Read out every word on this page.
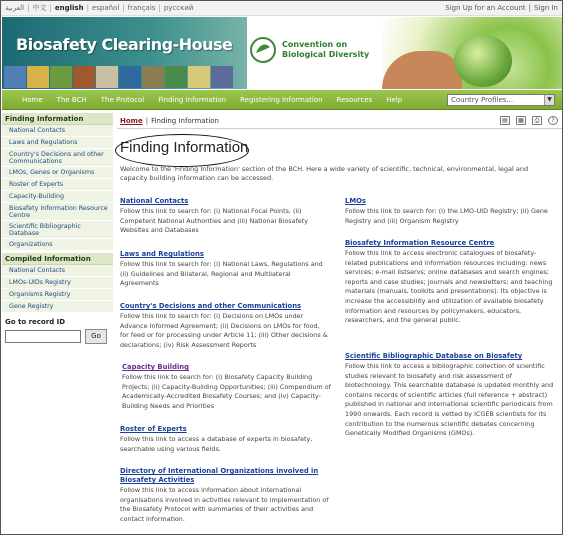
العربية | 中文 | english | español | français | русский	Sign Up for an Account | Sign In
Biosafety Clearing-House	Convention on
Biological Diversity
Home The BCH The Protocol Finding Information Registering Information Resources Help	Country Profiles...	▼
Finding Information
National Contacts
Laws and Regulations
Country's Decisions and other Communications
LMOs, Genes or Organisms
Roster of Experts
Capacity-Building
Biosafety Information Resource Centre
Scientific Bibliographic Database
Organizations
Compiled Information
National Contacts
LMOs-UIDs Registry
Organisms Registry
Gene Registry
Go to record ID
Go
Home | Finding Information	▤	▦	⎙	?
Finding Information
Welcome to the 'Finding Information' section of the BCH. Here a wide variety of scientific, technical, environmental, legal and capacity building information can be accessed.
National Contacts
Follow this link to search for: (i) National Focal Points, (ii) Competent National Authorities and (iii) National Biosafety Websites and Databases
Laws and Regulations
Follow this link to search for: (i) National Laws, Regulations and (ii) Guidelines and Bilateral, Regional and Multilateral Agreements
Country's Decisions and other Communications
Follow this link to search for: (i) Decisions on LMOs under Advance Informed Agreement; (ii) Decisions on LMOs for food, for feed or for processing under Article 11; (iii) Other decisions & declarations; (iv) Risk Assessment Reports
Capacity Building
Follow this link to search for: (i) Biosafety Capacity Building Projects; (ii) Capacity-Building Opportunities; (iii) Compendium of Academically-Accredited Biosafety Courses; and (iv) Capacity-Building Needs and Priorities
Roster of Experts
Follow this link to access a database of experts in biosafety, searchable using various fields.
Directory of International Organizations involved in Biosafety Activities
Follow this link to access information about international organisations involved in activities relevant to implementation of the Biosafety Protocol with summaries of their activities and contact information.
LMOs
Follow this link to search for: (i) the LMO-UID Registry; (ii) Gene Registry and (iii) Organism Registry
Biosafety Information Resource Centre
Follow this link to access electronic catalogues of biosafety-related publications and information resources including: news services; e-mail listservs; online databases and search engines; reports and case studies; journals and newsletters; and teaching materials (manuals, toolkits and presentations). Its objective is increase the accessibility and utilization of available biosafety information and resources by policymakers, educators, researchers, and the general public.
Scientific Bibliographic Database on Biosafety
Follow this link to access a bibliographic collection of scientific studies relevant to biosafety and risk assessment of biotechnology. This searchable database is updated monthly and contains records of scientific articles (full reference + abstract) published in national and international scientific periodicals from 1990 onwards. Each record is vetted by ICGEB scientists for its contribution to the numerous scientific debates concerning Genetically Modified Organisms (GMOs).
